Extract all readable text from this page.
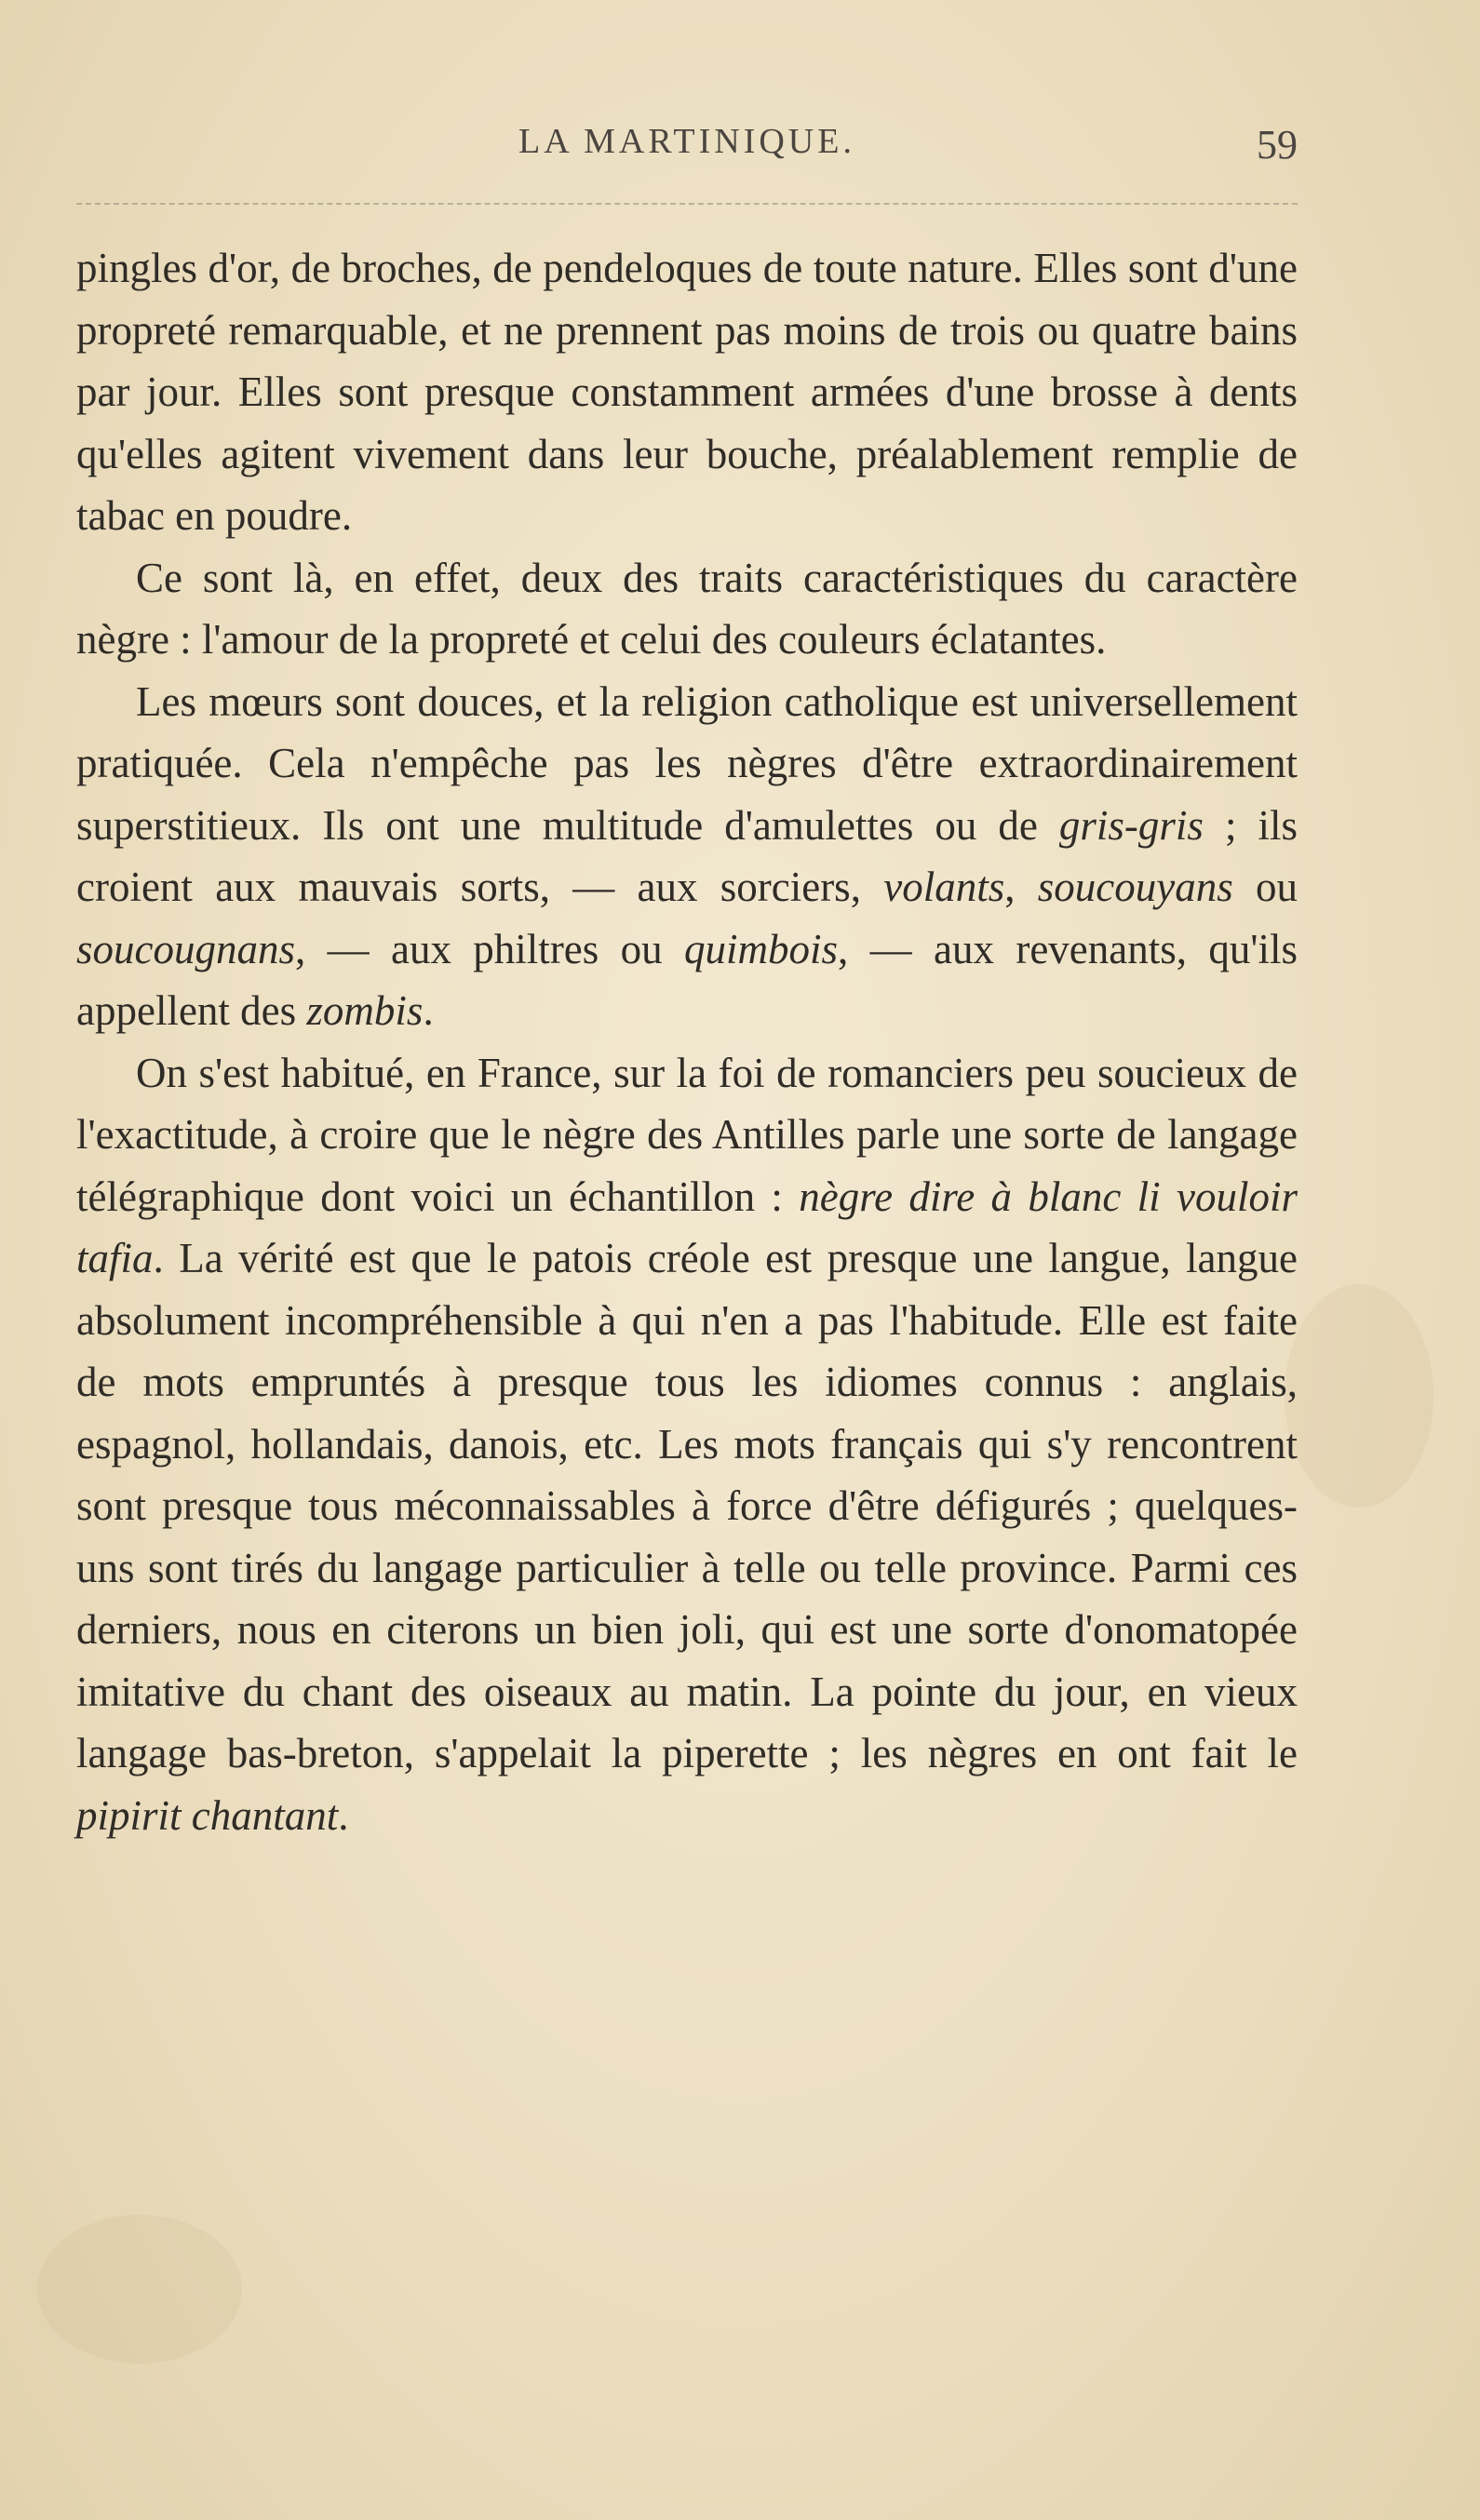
LA MARTINIQUE.	59

pingles d'or, de broches, de pendeloques de toute nature. Elles sont d'une propreté remarquable, et ne prennent pas moins de trois ou quatre bains par jour. Elles sont presque constamment armées d'une brosse à dents qu'elles agitent vivement dans leur bouche, préalablement remplie de tabac en poudre.

Ce sont là, en effet, deux des traits caractéristiques du caractère nègre : l'amour de la propreté et celui des couleurs éclatantes.

Les mœurs sont douces, et la religion catholique est universellement pratiquée. Cela n'empêche pas les nègres d'être extraordinairement superstitieux. Ils ont une multitude d'amulettes ou de gris-gris ; ils croient aux mauvais sorts, — aux sorciers, volants, soucouyans ou soucougnans, — aux philtres ou quimbois, — aux revenants, qu'ils appellent des zombis.

On s'est habitué, en France, sur la foi de romanciers peu soucieux de l'exactitude, à croire que le nègre des Antilles parle une sorte de langage télégraphique dont voici un échantillon : nègre dire à blanc li vouloir tafia. La vérité est que le patois créole est presque une langue, langue absolument incompréhensible à qui n'en a pas l'habitude. Elle est faite de mots empruntés à presque tous les idiomes connus : anglais, espagnol, hollandais, danois, etc. Les mots français qui s'y rencontrent sont presque tous méconnaissables à force d'être défigurés ; quelques-uns sont tirés du langage particulier à telle ou telle province. Parmi ces derniers, nous en citerons un bien joli, qui est une sorte d'onomatopée imitative du chant des oiseaux au matin. La pointe du jour, en vieux langage bas-breton, s'appelait la piperette ; les nègres en ont fait le pipirit chantant.
